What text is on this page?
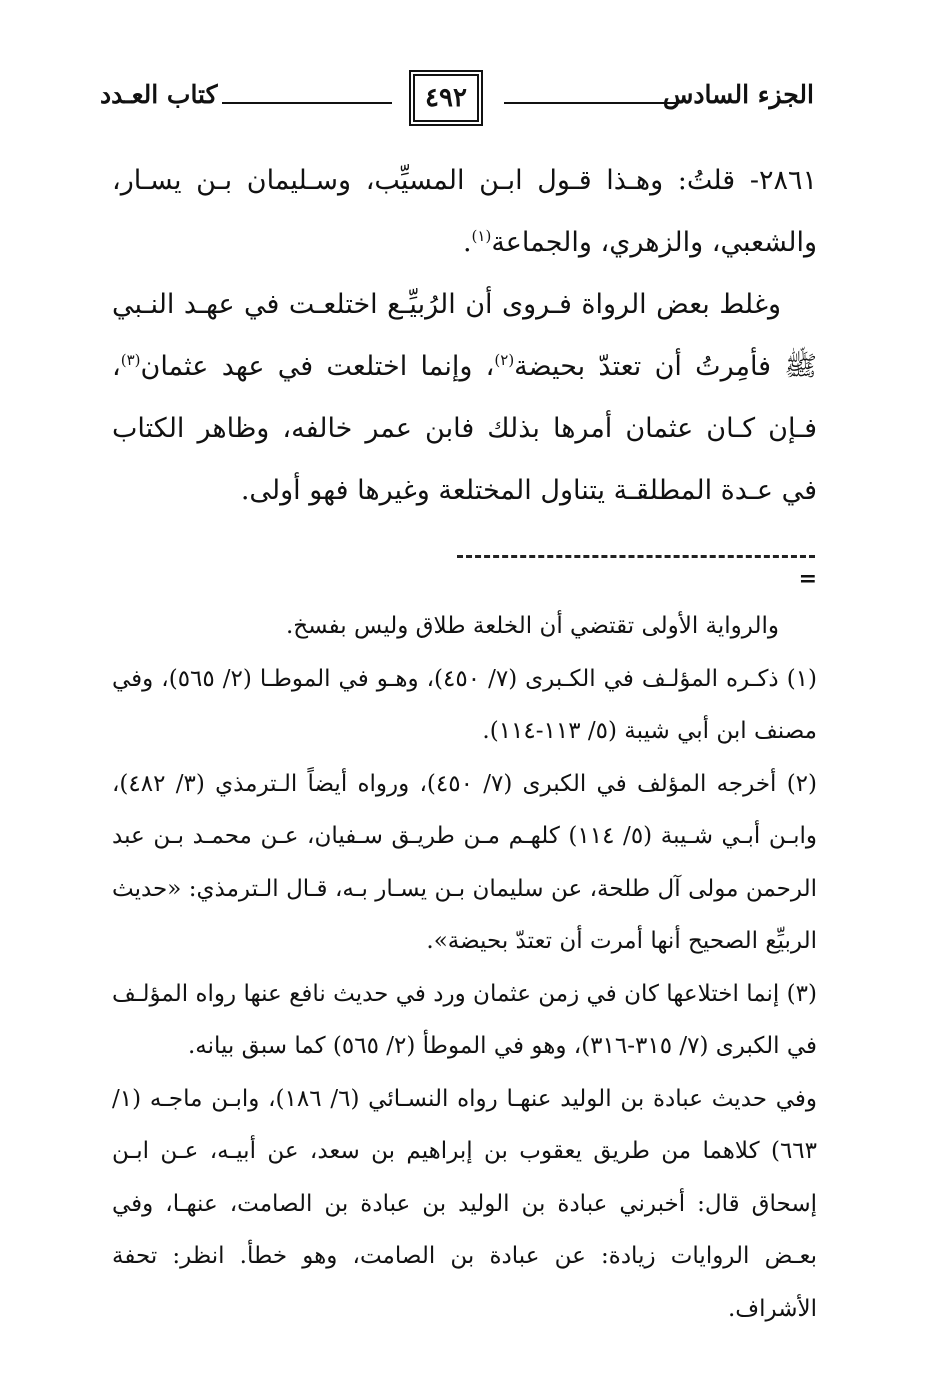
الجزء السادس
٤٩٢
كتاب العـدد

٢٨٦١- قلتُ: وهـذا قـول ابـن المسيِّب، وسـليمان بـن يسـار، والشعبي، والزهري، والجماعة$^{(١)}$.

وغلط بعض الرواة فـروى أن الرُبيِّـع اختلعـت في عهـد النـبي ﷺ فأمِرتُ أن تعتدّ بحيضة$^{(٢)}$، وإنما اختلعت في عهد عثمان$^{(٣)}$، فـإن كـان عثمان أمرها بذلك فابن عمر خالفه، وظاهر الكتاب في عـدة المطلقـة يتناول المختلعة وغيرها فهو أولى.

=

والرواية الأولى تقتضي أن الخلعة طلاق وليس بفسخ.

(١) ذكـره المؤلـف في الكـبرى (٧/ ٤٥٠)، وهـو في الموطـا (٢/ ٥٦٥)، وفي مصنف ابن أبي شيبة (٥/ ١١٣-١١٤).

(٢) أخرجه المؤلف في الكبرى (٧/ ٤٥٠)، ورواه أيضاً الـترمذي (٣/ ٤٨٢)، وابـن أبـي شـيبة (٥/ ١١٤) كلهـم مـن طريـق سـفيان، عـن محمـد بـن عبد الرحمن مولى آل طلحة، عن سليمان بـن يسـار بـه، قـال الـترمذي: «حديث الربيِّع الصحيح أنها أمرت أن تعتدّ بحيضة».

(٣) إنما اختلاعها كان في زمن عثمان ورد في حديث نافع عنها رواه المؤلـف في الكبرى (٧/ ٣١٥-٣١٦)، وهو في الموطأ (٢/ ٥٦٥) كما سبق بيانه.

وفي حديث عبادة بن الوليد عنهـا رواه النسـائي (٦/ ١٨٦)، وابـن ماجـه (١/ ٦٦٣) كلاهما من طريق يعقوب بن إبراهيم بن سعد، عن أبيـه، عـن ابـن إسحاق قال: أخبرني عبادة بن الوليد بن عبادة بن الصامت، عنهـا، وفي بعـض الروايات زيادة: عن عبادة بن الصامت، وهو خطأ. انظر: تحفة الأشراف.
